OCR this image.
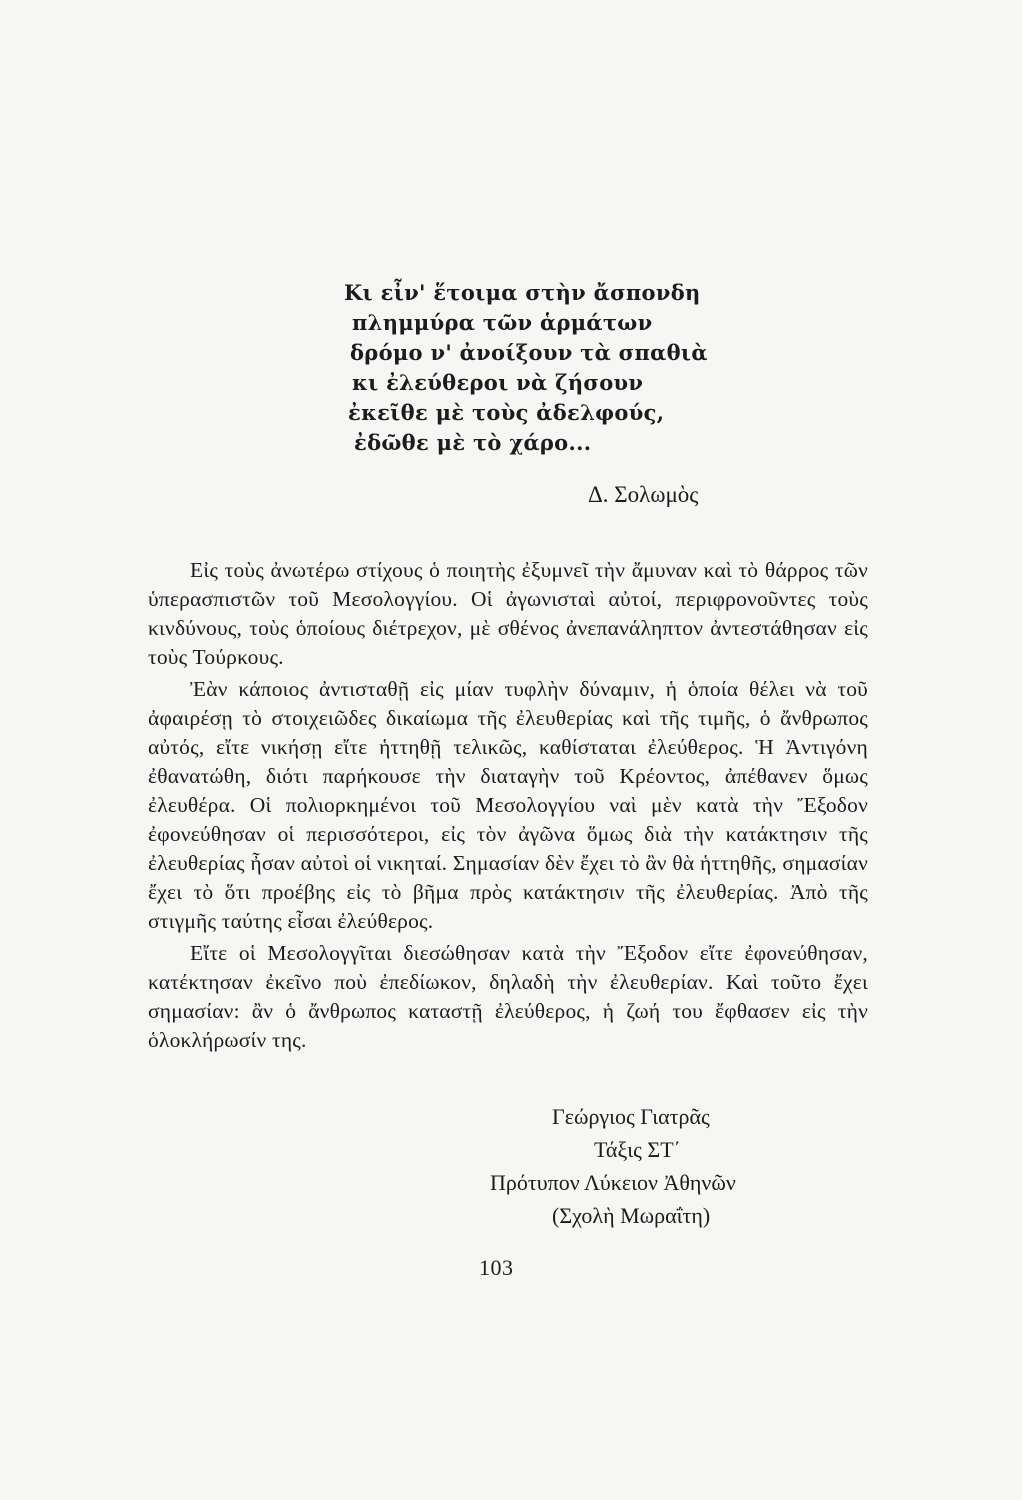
Κι εἶν' ἕτοιμα στὴν ἄσπονδη
πλημμύρα τῶν ἁρμάτων
δρόμο ν' ἀνοίξουν τὰ σπαθιὰ
κι ἐλεύθεροι νὰ ζήσουν
ἐκεῖθε μὲ τοὺς ἀδελφούς,
ἐδῶθε μὲ τὸ χάρο...
Δ. Σολωμὸς

Εἰς τοὺς ἀνωτέρω στίχους ὁ ποιητὴς ἐξυμνεῖ τὴν ἄμυναν καὶ τὸ θάρρος τῶν ὑπερασπιστῶν τοῦ Μεσολογγίου. Οἱ ἀγωνισταὶ αὐτοί, περιφρονοῦντες τοὺς κινδύνους, τοὺς ὁποίους διέτρεχον, μὲ σθένος ἀνεπανάληπτον ἀντεστάθησαν εἰς τοὺς Τούρκους.

Ἐὰν κάποιος ἀντισταθῇ εἰς μίαν τυφλὴν δύναμιν, ἡ ὁποία θέλει νὰ τοῦ ἀφαιρέσῃ τὸ στοιχειῶδες δικαίωμα τῆς ἐλευθερίας καὶ τῆς τιμῆς, ὁ ἄνθρωπος αὐτός, εἴτε νικήσῃ εἴτε ἡττηθῇ τελικῶς, καθίσταται ἐλεύθερος. Ἡ Ἀντιγόνη ἐθανατώθη, διότι παρήκουσε τὴν διαταγὴν τοῦ Κρέοντος, ἀπέθανεν ὅμως ἐλευθέρα. Οἱ πολιορκημένοι τοῦ Μεσολογγίου ναὶ μὲν κατὰ τὴν Ἔξοδον ἐφονεύθησαν οἱ περισσότεροι, εἰς τὸν ἀγῶνα ὅμως διὰ τὴν κατάκτησιν τῆς ἐλευθερίας ἦσαν αὐτοὶ οἱ νικηταί. Σημασίαν δὲν ἔχει τὸ ἂν θὰ ἡττηθῆς, σημασίαν ἔχει τὸ ὅτι προέβης εἰς τὸ βῆμα πρὸς κατάκτησιν τῆς ἐλευθερίας. Ἀπὸ τῆς στιγμῆς ταύτης εἶσαι ἐλεύθερος.

Εἴτε οἱ Μεσολογγῖται διεσώθησαν κατὰ τὴν Ἔξοδον εἴτε ἐφονεύθησαν, κατέκτησαν ἐκεῖνο ποὺ ἐπεδίωκον, δηλαδὴ τὴν ἐλευθερίαν. Καὶ τοῦτο ἔχει σημασίαν: ἂν ὁ ἄνθρωπος καταστῇ ἐλεύθερος, ἡ ζωή του ἔφθασεν εἰς τὴν ὁλοκλήρωσίν της.

Γεώργιος Γιατρᾶς
Τάξις ΣΤ΄
Πρότυπον Λύκειον Ἀθηνῶν
(Σχολὴ Μωραΐτη)
103
